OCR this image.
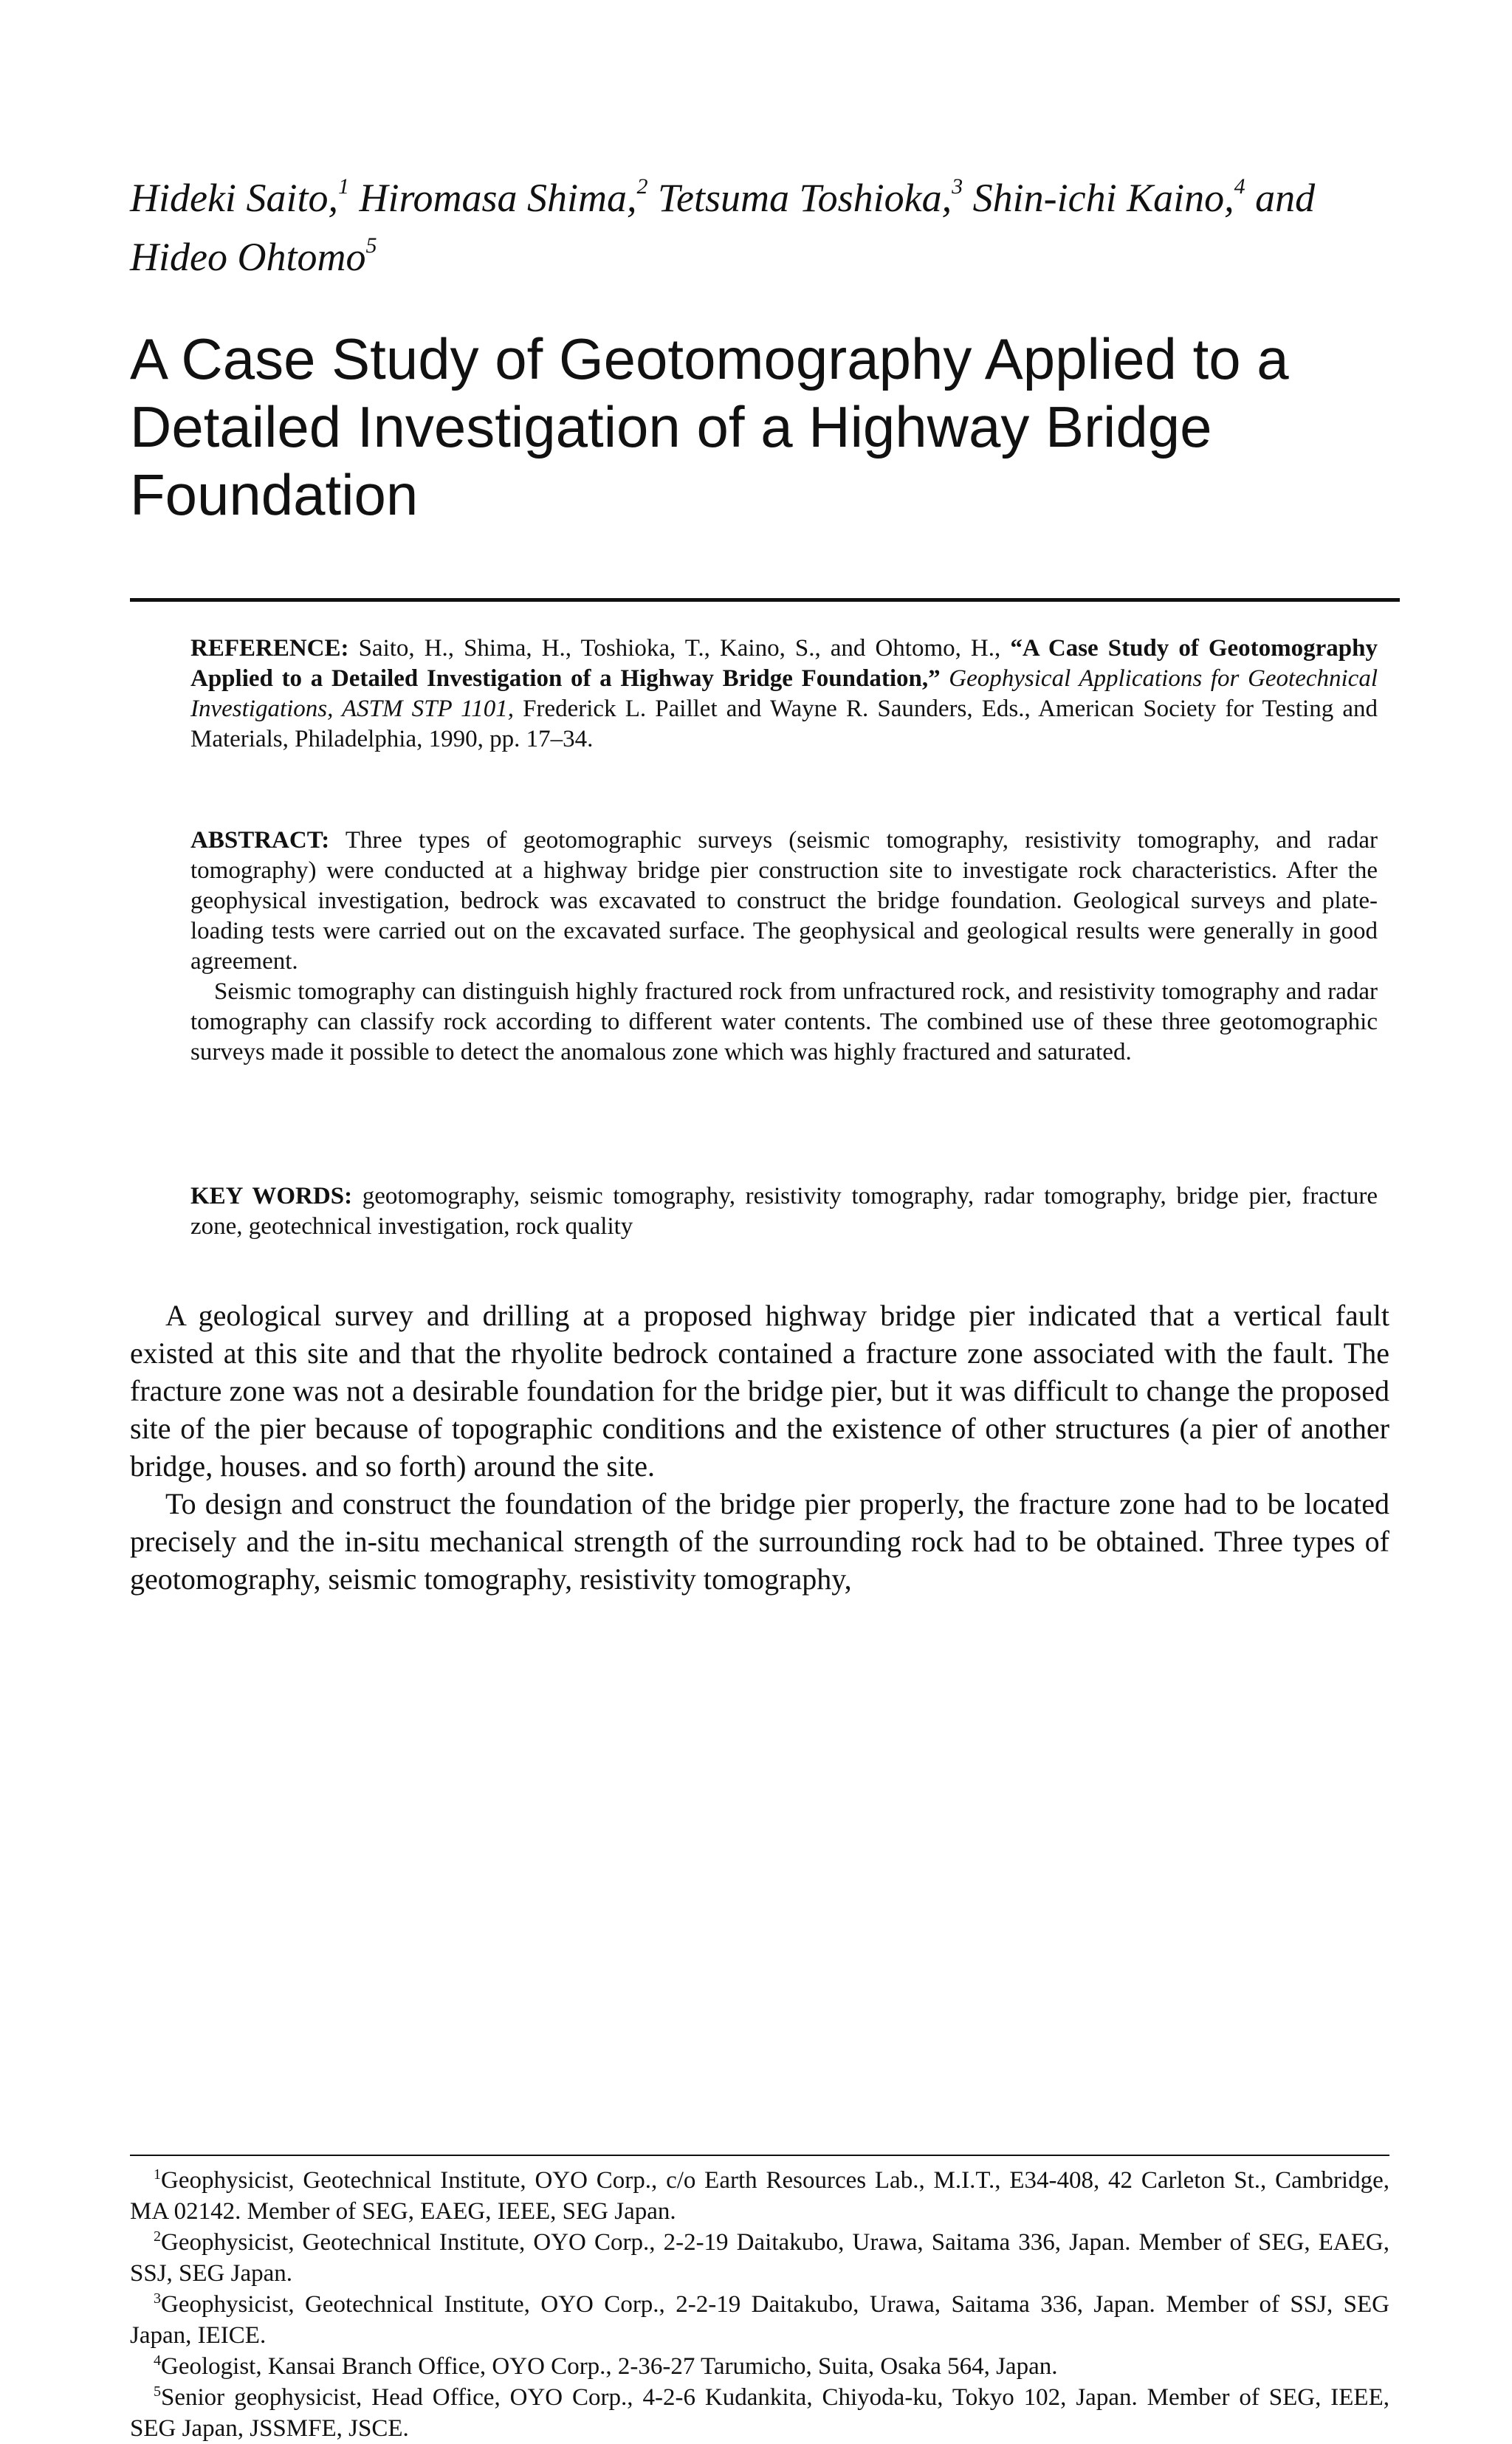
Hideki Saito,$^1$ Hiromasa Shima,$^2$ Tetsuma Toshioka,$^3$ Shin-ichi Kaino,$^4$ and Hideo Ohtomo$^5$
A Case Study of Geotomography Applied to a Detailed Investigation of a Highway Bridge Foundation

REFERENCE: Saito, H., Shima, H., Toshioka, T., Kaino, S., and Ohtomo, H., “A Case Study of Geotomography Applied to a Detailed Investigation of a Highway Bridge Foundation,” Geophysical Applications for Geotechnical Investigations, ASTM STP 1101, Frederick L. Paillet and Wayne R. Saunders, Eds., American Society for Testing and Materials, Philadelphia, 1990, pp. 17–34.

ABSTRACT: Three types of geotomographic surveys (seismic tomography, resistivity tomography, and radar tomography) were conducted at a highway bridge pier construction site to investigate rock characteristics. After the geophysical investigation, bedrock was excavated to construct the bridge foundation. Geological surveys and plate-loading tests were carried out on the excavated surface. The geophysical and geological results were generally in good agreement.

Seismic tomography can distinguish highly fractured rock from unfractured rock, and resistivity tomography and radar tomography can classify rock according to different water contents. The combined use of these three geotomographic surveys made it possible to detect the anomalous zone which was highly fractured and saturated.

KEY WORDS: geotomography, seismic tomography, resistivity tomography, radar tomography, bridge pier, fracture zone, geotechnical investigation, rock quality

A geological survey and drilling at a proposed highway bridge pier indicated that a vertical fault existed at this site and that the rhyolite bedrock contained a fracture zone associated with the fault. The fracture zone was not a desirable foundation for the bridge pier, but it was difficult to change the proposed site of the pier because of topographic conditions and the existence of other structures (a pier of another bridge, houses. and so forth) around the site.

To design and construct the foundation of the bridge pier properly, the fracture zone had to be located precisely and the in-situ mechanical strength of the surrounding rock had to be obtained. Three types of geotomography, seismic tomography, resistivity tomography,

$^1$Geophysicist, Geotechnical Institute, OYO Corp., c/o Earth Resources Lab., M.I.T., E34-408, 42 Carleton St., Cambridge, MA 02142. Member of SEG, EAEG, IEEE, SEG Japan.

$^2$Geophysicist, Geotechnical Institute, OYO Corp., 2-2-19 Daitakubo, Urawa, Saitama 336, Japan. Member of SEG, EAEG, SSJ, SEG Japan.

$^3$Geophysicist, Geotechnical Institute, OYO Corp., 2-2-19 Daitakubo, Urawa, Saitama 336, Japan. Member of SSJ, SEG Japan, IEICE.

$^4$Geologist, Kansai Branch Office, OYO Corp., 2-36-27 Tarumicho, Suita, Osaka 564, Japan.

$^5$Senior geophysicist, Head Office, OYO Corp., 4-2-6 Kudankita, Chiyoda-ku, Tokyo 102, Japan. Member of SEG, IEEE, SEG Japan, JSSMFE, JSCE.
